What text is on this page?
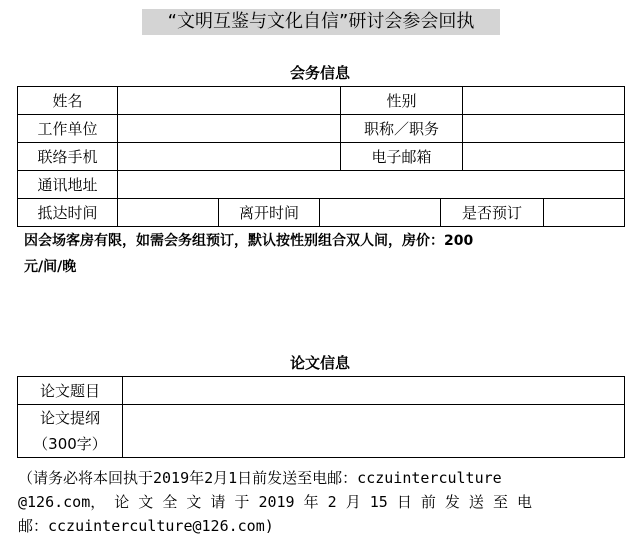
“文明互鉴与文化自信”研讨会参会回执
会务信息
姓名				性别			
工作单位				职称／职务			
联络手机				电子邮箱			
通讯地址							
抵达时间		离开时间			是否预订		
因会场客房有限，如需会务组预订，默认按性别组合双人间，房价：200
元/间/晚
论文信息
论文题目	

论文提纲
（300字）	

（请务必将本回执于2019年2月1日前发送至电邮：cczuinterculture
@126.com， 论 文 全 文 请 于 2019 年 2 月 15 日 前 发 送 至 电
邮：cczuinterculture@126.com)
